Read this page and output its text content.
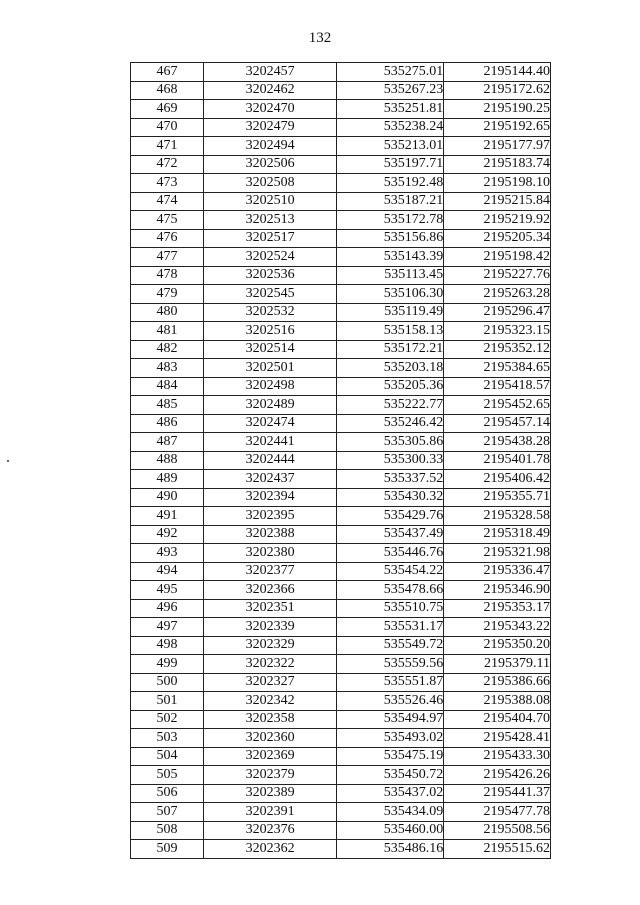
132
467	3202457	535275.01	2195144.40
468	3202462	535267.23	2195172.62
469	3202470	535251.81	2195190.25
470	3202479	535238.24	2195192.65
471	3202494	535213.01	2195177.97
472	3202506	535197.71	2195183.74
473	3202508	535192.48	2195198.10
474	3202510	535187.21	2195215.84
475	3202513	535172.78	2195219.92
476	3202517	535156.86	2195205.34
477	3202524	535143.39	2195198.42
478	3202536	535113.45	2195227.76
479	3202545	535106.30	2195263.28
480	3202532	535119.49	2195296.47
481	3202516	535158.13	2195323.15
482	3202514	535172.21	2195352.12
483	3202501	535203.18	2195384.65
484	3202498	535205.36	2195418.57
485	3202489	535222.77	2195452.65
486	3202474	535246.42	2195457.14
487	3202441	535305.86	2195438.28
488	3202444	535300.33	2195401.78
489	3202437	535337.52	2195406.42
490	3202394	535430.32	2195355.71
491	3202395	535429.76	2195328.58
492	3202388	535437.49	2195318.49
493	3202380	535446.76	2195321.98
494	3202377	535454.22	2195336.47
495	3202366	535478.66	2195346.90
496	3202351	535510.75	2195353.17
497	3202339	535531.17	2195343.22
498	3202329	535549.72	2195350.20
499	3202322	535559.56	2195379.11
500	3202327	535551.87	2195386.66
501	3202342	535526.46	2195388.08
502	3202358	535494.97	2195404.70
503	3202360	535493.02	2195428.41
504	3202369	535475.19	2195433.30
505	3202379	535450.72	2195426.26
506	3202389	535437.02	2195441.37
507	3202391	535434.09	2195477.78
508	3202376	535460.00	2195508.56
509	3202362	535486.16	2195515.62
